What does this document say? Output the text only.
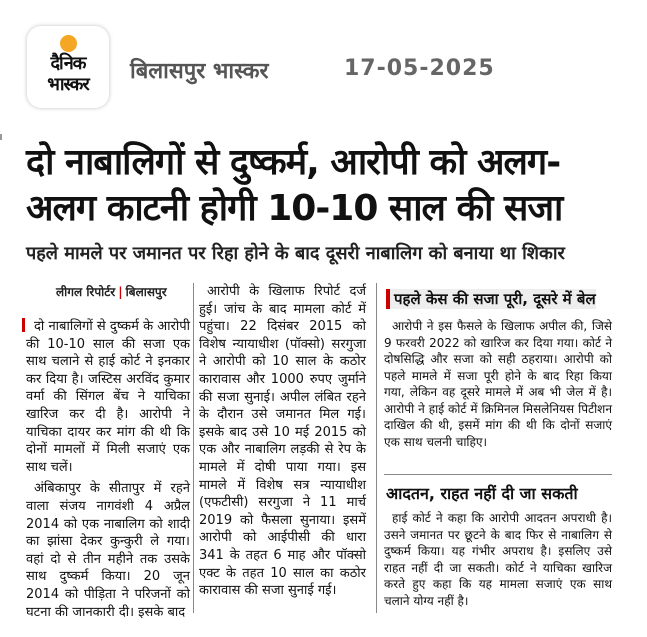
दैनिक
भास्कर
बिलासपुर भास्कर	17-05-2025
दो नाबालिगों से दुष्कर्म, आरोपी को अलग-
अलग काटनी होगी 10-10 साल की सजा
पहले मामले पर जमानत पर रिहा होने के बाद दूसरी नाबालिग को बनाया था शिकार
लीगल रिपोर्टर | बिलासपुर

दो नाबालिगों से दुष्कर्म के आरोपी की 10-10 साल की सजा एक साथ चलाने से हाई कोर्ट ने इनकार कर दिया है। जस्टिस अरविंद कुमार वर्मा की सिंगल बेंच ने याचिका खारिज कर दी है। आरोपी ने याचिका दायर कर मांग की थी कि दोनों मामलों में मिली सजाएं एक साथ चलें।

अंबिकापुर के सीतापुर में रहने वाला संजय नागवंशी 4 अप्रैल 2014 को एक नाबालिग को शादी का झांसा देकर कुन्कुरी ले गया। वहां दो से तीन महीने तक उसके साथ दुष्कर्म किया। 20 जून 2014 को पीड़िता ने परिजनों को घटना की जानकारी दी। इसके बाद

आरोपी के खिलाफ रिपोर्ट दर्ज हुई। जांच के बाद मामला कोर्ट में पहुंचा। 22 दिसंबर 2015 को विशेष न्यायाधीश (पॉक्सो) सरगुजा ने आरोपी को 10 साल के कठोर कारावास और 1000 रुपए जुर्माने की सजा सुनाई। अपील लंबित रहने के दौरान उसे जमानत मिल गई। इसके बाद उसे 10 मई 2015 को एक और नाबालिग लड़की से रेप के मामले में दोषी पाया गया। इस मामले में विशेष सत्र न्यायाधीश (एफटीसी) सरगुजा ने 11 मार्च 2019 को फैसला सुनाया। इसमें आरोपी को आईपीसी की धारा 341 के तहत 6 माह और पॉक्सो एक्ट के तहत 10 साल का कठोर कारावास की सजा सुनाई गई।

पहले केस की सजा पूरी, दूसरे में बेल

आरोपी ने इस फैसले के खिलाफ अपील की, जिसे 9 फरवरी 2022 को खारिज कर दिया गया। कोर्ट ने दोषसिद्धि और सजा को सही ठहराया। आरोपी को पहले मामले में सजा पूरी होने के बाद रिहा किया गया, लेकिन वह दूसरे मामले में अब भी जेल में है। आरोपी ने हाई कोर्ट में क्रिमिनल मिसलेनियस पिटीशन दाखिल की थी, इसमें मांग की थी कि दोनों सजाएं एक साथ चलनी चाहिए।

आदतन, राहत नहीं दी जा सकती

हाई कोर्ट ने कहा कि आरोपी आदतन अपराधी है। उसने जमानत पर छूटने के बाद फिर से नाबालिग से दुष्कर्म किया। यह गंभीर अपराध है। इसलिए उसे राहत नहीं दी जा सकती। कोर्ट ने याचिका खारिज करते हुए कहा कि यह मामला सजाएं एक साथ चलाने योग्य नहीं है।
